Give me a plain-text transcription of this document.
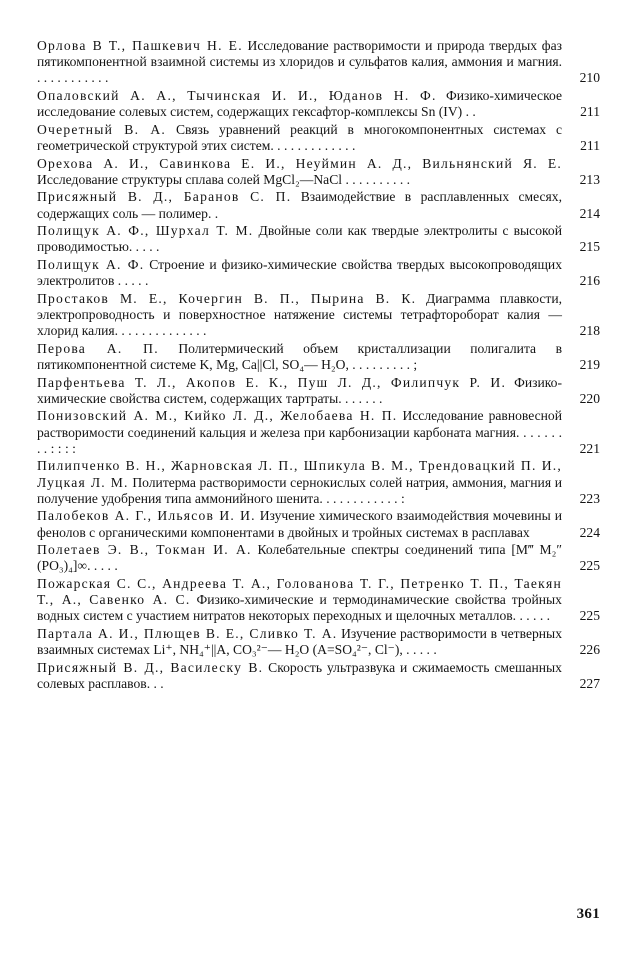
Орлова В Т., Пашкевич Н. Е. Исследование растворимости и природа твердых фаз пятикомпонентной взаимной системы из хлоридов и сульфатов калия, аммония и магния. . . . . . . . . . . .	210
Опаловский А. А., Тычинская И. И., Юданов Н. Ф. Физико-химическое исследование солевых систем, содержащих гексафтор-комплексы Sn (IV) . .	211
Очеретный В. А. Связь уравнений реакций в многокомпонентных системах с геометрической структурой этих систем. . . . . . . . . . . . .	211
Орехова А. И., Савинкова Е. И., Неуймин А. Д., Вильнянский Я. Е. Исследование структуры сплава солей MgCl₂—NaCl . . . . . . . . . .	213
Присяжный В. Д., Баранов С. П. Взаимодействие в расплавленных смесях, содержащих соль — полимер. .	214
Полищук А. Ф., Шурхал Т. М. Двойные соли как твердые электролиты с высокой проводимостью. . . . .	215
Полищук А. Ф. Строение и физико-химические свойства твердых высокопроводящих электролитов . . . . .	216
Простаков М. Е., Кочергин В. П., Пырина В. К. Диаграмма плавкости, электропроводность и поверхностное натяжение системы тетрафтороборат калия — хлорид калия. . . . . . . . . . . . . .	218
Перова А. П. Политермический объем кристаллизации полигалита в пятикомпонентной системе K, Mg, Ca||Cl, SO₄— H₂O, . . . . . . . . . ;	219
Парфентьева Т. Л., Акопов Е. К., Пуш Л. Д., Филипчук Р. И. Физико-химические свойства систем, содержащих тартраты. . . . . . .	220
Понизовский А. М., Кийко Л. Д., Желобаева Н. П. Исследование равновесной растворимости соединений кальция и железа при карбонизации карбоната магния. . . . . . . . . : : : :	221
Пилипченко В. Н., Жарновская Л. П., Шпикула В. М., Трендовацкий П. И., Луцкая Л. М. Политерма растворимости сернокислых солей натрия, аммония, магния и получение удобрения типа аммонийного шенита. . . . . . . . . . . . :	223
Палобеков А. Г., Ильясов И. И. Изучение химического взаимодействия мочевины и фенолов с органическими компонентами в двойных и тройных системах в расплавах	224
Полетаев Э. В., Токман И. А. Колебательные спектры соединений типа [M‴ M₂″ (PO₃)₄]∞. . . . .	225
Пожарская С. С., Андреева Т. А., Голованова Т. Г., Петренко Т. П., Таекян Т., А., Савенко А. С. Физико-химические и термодинамические свойства тройных водных систем с участием нитратов некоторых переходных и щелочных металлов. . . . . .	225
Партала А. И., Плющев В. Е., Сливко Т. А. Изучение растворимости в четверных взаимных системах Li⁺, NH₄⁺||A, CO₃²⁻— H₂O (A=SO₄²⁻, Cl⁻), . . . . .	226
Присяжный В. Д., Василеску В. Скорость ультразвука и сжимаемость смешанных солевых расплавов. . .	227
361
